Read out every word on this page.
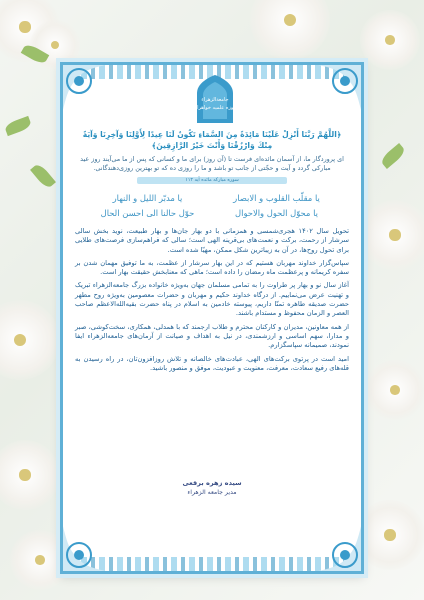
جامعةالزهراء
حوزه علمیه خواهران

﴿اللَّهُمَّ رَبَّنَا أَنْزِلْ عَلَيْنَا مَائِدَةً مِنَ السَّمَاءِ تَكُونُ لَنَا عِيدًا لِأَوَّلِنَا وَآخِرِنَا وَآيَةً مِنْكَ وَارْزُقْنَا وَأَنْتَ خَيْرُ الرَّازِقِينَ﴾

ای پروردگار ما، از آسمان مائده‌ای فرست تا (آن روز) برای ما و کسانی که پس از ما می‌آیند روز عید مبارکی گردد و آیت و حجّتی از جانب تو باشد و ما را روزی ده که تو بهترین روزی‌دهندگانی.

سوره مبارکه مائده آیه ۱۱۴
یا مقلّب القلوب و الابصار
یا مدبّر اللیل و النهار
یا محوّل الحول والاحوال
حوّل حالنا الی احسن الحال

تحویل سال ۱۴۰۲ هجری‌شمسی و همزمانی با دو بهار جان‌ها و بهار طبیعت، نوید بخش سالی سرشار از رحمت، برکت و نعمت‌های بی‌قرینه الهی است؛ سالی که فراهم‌سازی فرصت‌های طلایی برای تحول روح‌ها، در آن به زیباترین شکل ممکن، مهیّا شده است.

سپاس‌گزار خداوند مهربان هستیم که در این بهار سرشار از عظمت، به ما توفیق مهمان شدن بر سفره کریمانه و پرعظمت ماه رمضان را داده است؛ ماهی که معنابخش حقیقت بهار است.

آغاز سال نو و بهار پر طراوت را به تمامی مسلمان جهان به‌ویژه خانواده بزرگ جامعه‌الزهراء تبریک و تهنیت عرض می‌نماییم. از درگاه خداوند حکیم و مهربان و حضرات معصومین به‌ویژه روح مطهر حضرت صدیقه طاهره تمنّا داریم، پیوسته خادمین به اسلام در پناه حضرت بقیه‌الله‌الاعظم صاحب العصر و الزمان محفوظ و مستدام باشند.

از همه معاونین، مدیران و کارکنان محترم و طلاب ارجمند که با همدلی، همکاری، سخت‌کوشی، صبر و مدارا، سهم اساسی و ارزشمندی، در نیل به اهداف و صیانت از آرمان‌های جامعه‌الزهراء ایفا نمودند، صمیمانه سپاسگزارم.

امید است در پرتوی برکت‌های الهی، عبادت‌های خالصانه و تلاش روزافزون‌تان، در راه رسیدن به قله‌های رفیع سعادت، معرفت، معنویت و عبودیت، موفق و منصور باشید.

سیده زهره برقعی
مدیر جامعه الزهراء
